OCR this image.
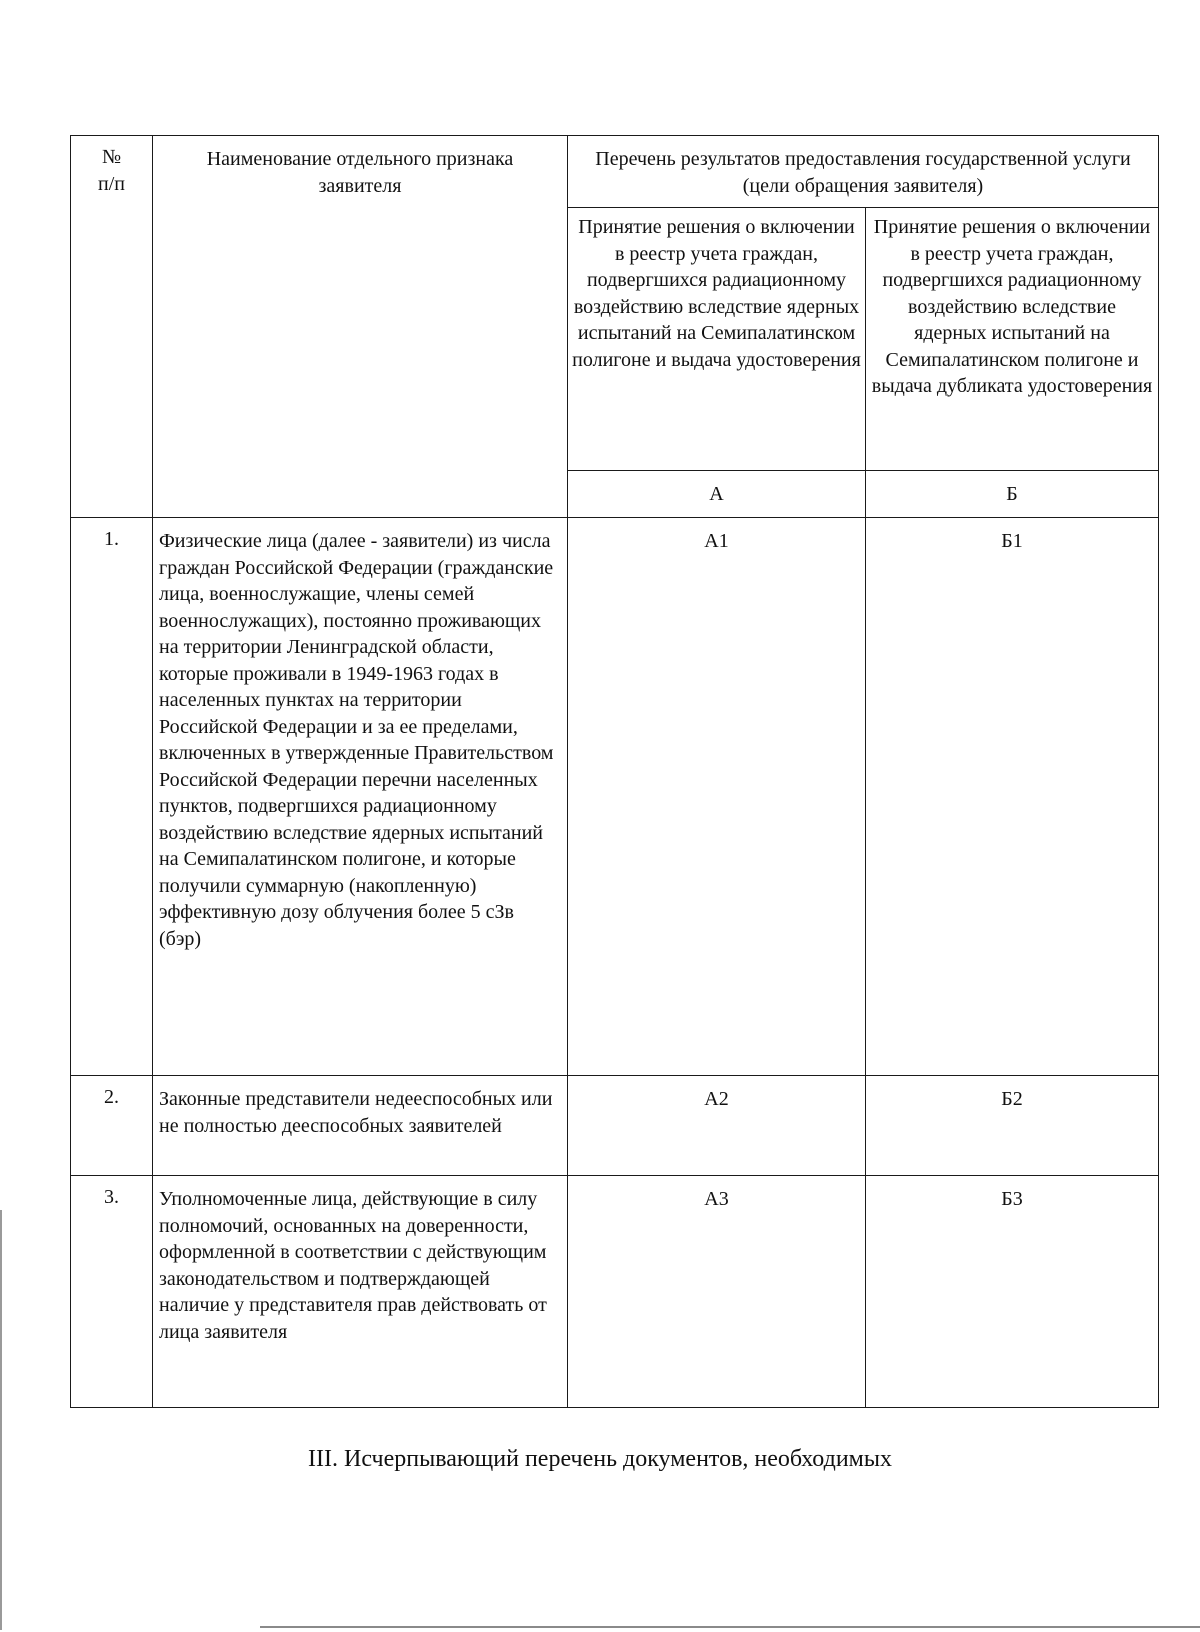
№
п/п	Наименование отдельного признака заявителя	Перечень результатов предоставления государственной услуги (цели обращения заявителя)	
		Принятие решения о включении в реестр учета граждан, подвергшихся радиационному воздействию вследствие ядерных испытаний на Семипалатинском полигоне и выдача удостоверения	Принятие решения о включении в реестр учета граждан, подвергшихся радиационному воздействию вследствие ядерных испытаний на Семипалатинском полигоне и выдача дубликата удостоверения
		А	Б
1.	Физические лица (далее - заявители) из числа граждан Российской Федерации (гражданские лица, военнослужащие, члены семей военнослужащих), постоянно проживающих на территории Ленинградской области, которые проживали в 1949-1963 годах в населенных пунктах на территории Российской Федерации и за ее пределами, включенных в утвержденные Правительством Российской Федерации перечни населенных пунктов, подвергшихся радиационному воздействию вследствие ядерных испытаний на Семипалатинском полигоне, и которые получили суммарную (накопленную) эффективную дозу облучения более 5 сЗв (бэр)	А1	Б1
2.	Законные представители недееспособных или не полностью дееспособных заявителей	А2	Б2
3.	Уполномоченные лица, действующие в силу полномочий, основанных на доверенности, оформленной в соответствии с действующим законодательством и подтверждающей наличие у представителя прав действовать от лица заявителя	А3	Б3
III. Исчерпывающий перечень документов, необходимых
